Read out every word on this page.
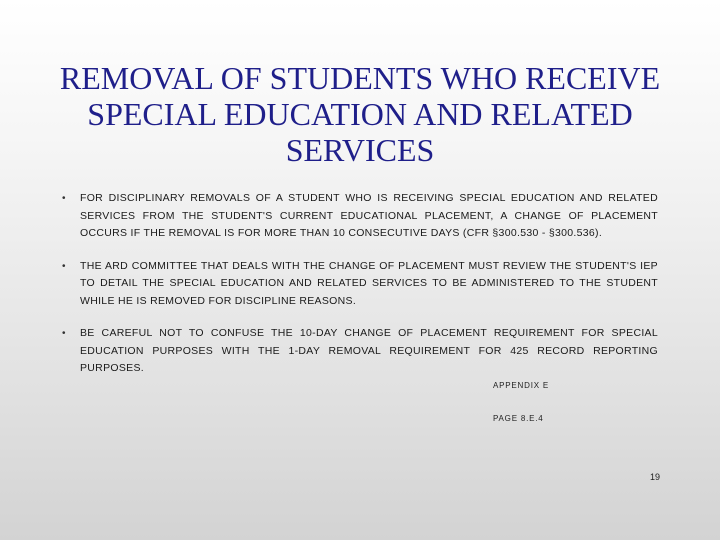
REMOVAL OF STUDENTS WHO RECEIVE SPECIAL EDUCATION AND RELATED SERVICES
• FOR DISCIPLINARY REMOVALS OF A STUDENT WHO IS RECEIVING SPECIAL EDUCATION AND RELATED SERVICES FROM THE STUDENT'S CURRENT EDUCATIONAL PLACEMENT, A CHANGE OF PLACEMENT OCCURS IF THE REMOVAL IS FOR MORE THAN 10 CONSECUTIVE DAYS (CFR §300.530 - §300.536).
• THE ARD COMMITTEE THAT DEALS WITH THE CHANGE OF PLACEMENT MUST REVIEW THE STUDENT'S IEP TO DETAIL THE SPECIAL EDUCATION AND RELATED SERVICES TO BE ADMINISTERED TO THE STUDENT WHILE HE IS REMOVED FOR DISCIPLINE REASONS.
• BE CAREFUL NOT TO CONFUSE THE 10-DAY CHANGE OF PLACEMENT REQUIREMENT FOR SPECIAL EDUCATION PURPOSES WITH THE 1-DAY REMOVAL REQUIREMENT FOR 425 RECORD REPORTING PURPOSES.
APPENDIX E
PAGE 8.E.4
19
